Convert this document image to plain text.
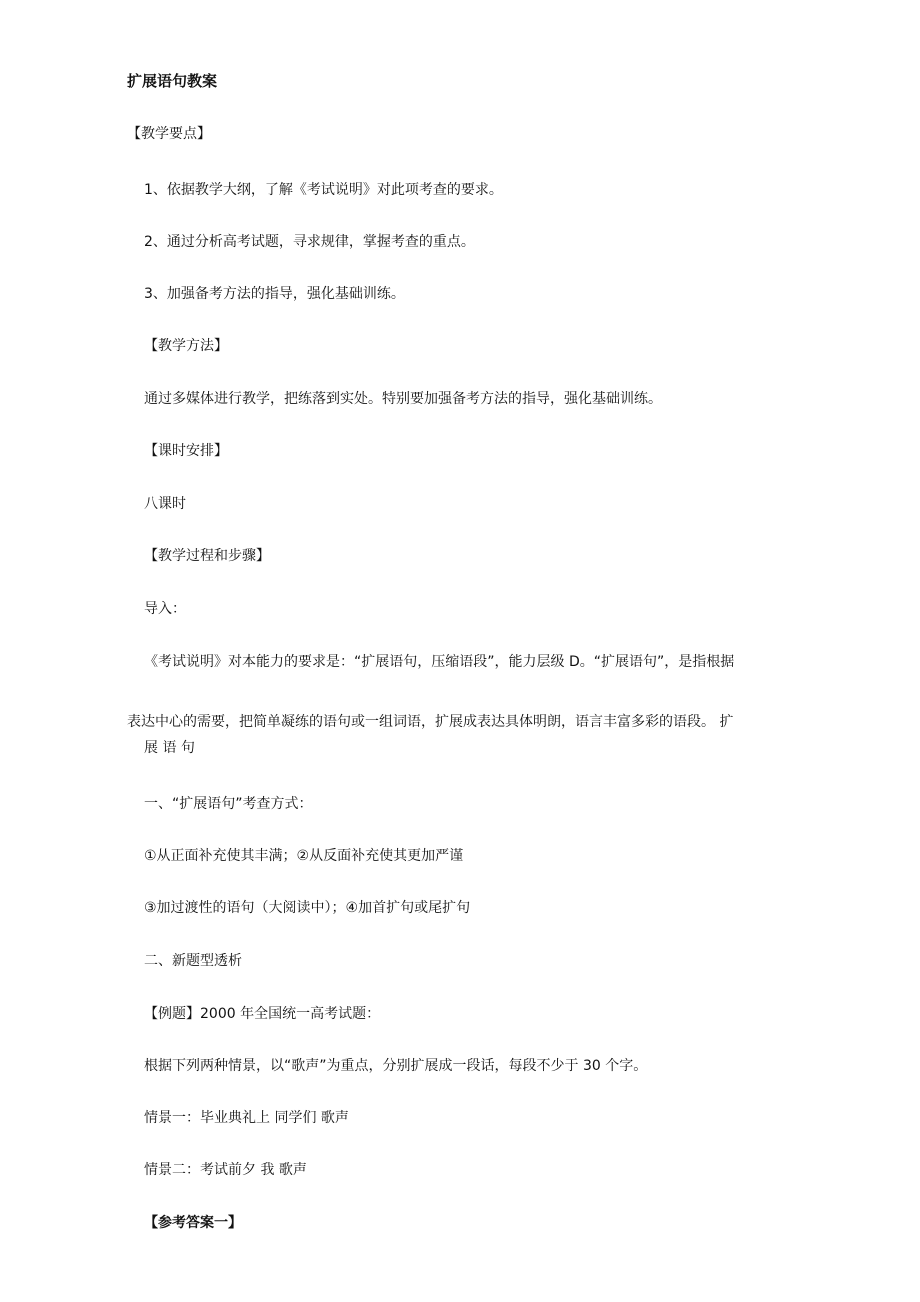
扩展语句教案

【教学要点】

1、依据教学大纲，了解《考试说明》对此项考查的要求。

2、通过分析高考试题，寻求规律，掌握考查的重点。

3、加强备考方法的指导，强化基础训练。

【教学方法】

通过多媒体进行教学，把练落到实处。特别要加强备考方法的指导，强化基础训练。

【课时安排】

八课时

【教学过程和步骤】

导入：

《考试说明》对本能力的要求是：“扩展语句，压缩语段”，能力层级 D。“扩展语句”，是指根据

表达中心的需要，把简单凝练的语句或一组词语，扩展成表达具体明朗，语言丰富多彩的语段。 扩

展 语 句

一、“扩展语句”考查方式：

①从正面补充使其丰满；②从反面补充使其更加严谨

③加过渡性的语句（大阅读中）；④加首扩句或尾扩句

二、新题型透析

【例题】2000 年全国统一高考试题：

根据下列两种情景，以“歌声”为重点，分别扩展成一段话，每段不少于 30 个字。

情景一：毕业典礼上 同学们 歌声

情景二：考试前夕 我 歌声

【参考答案一】
